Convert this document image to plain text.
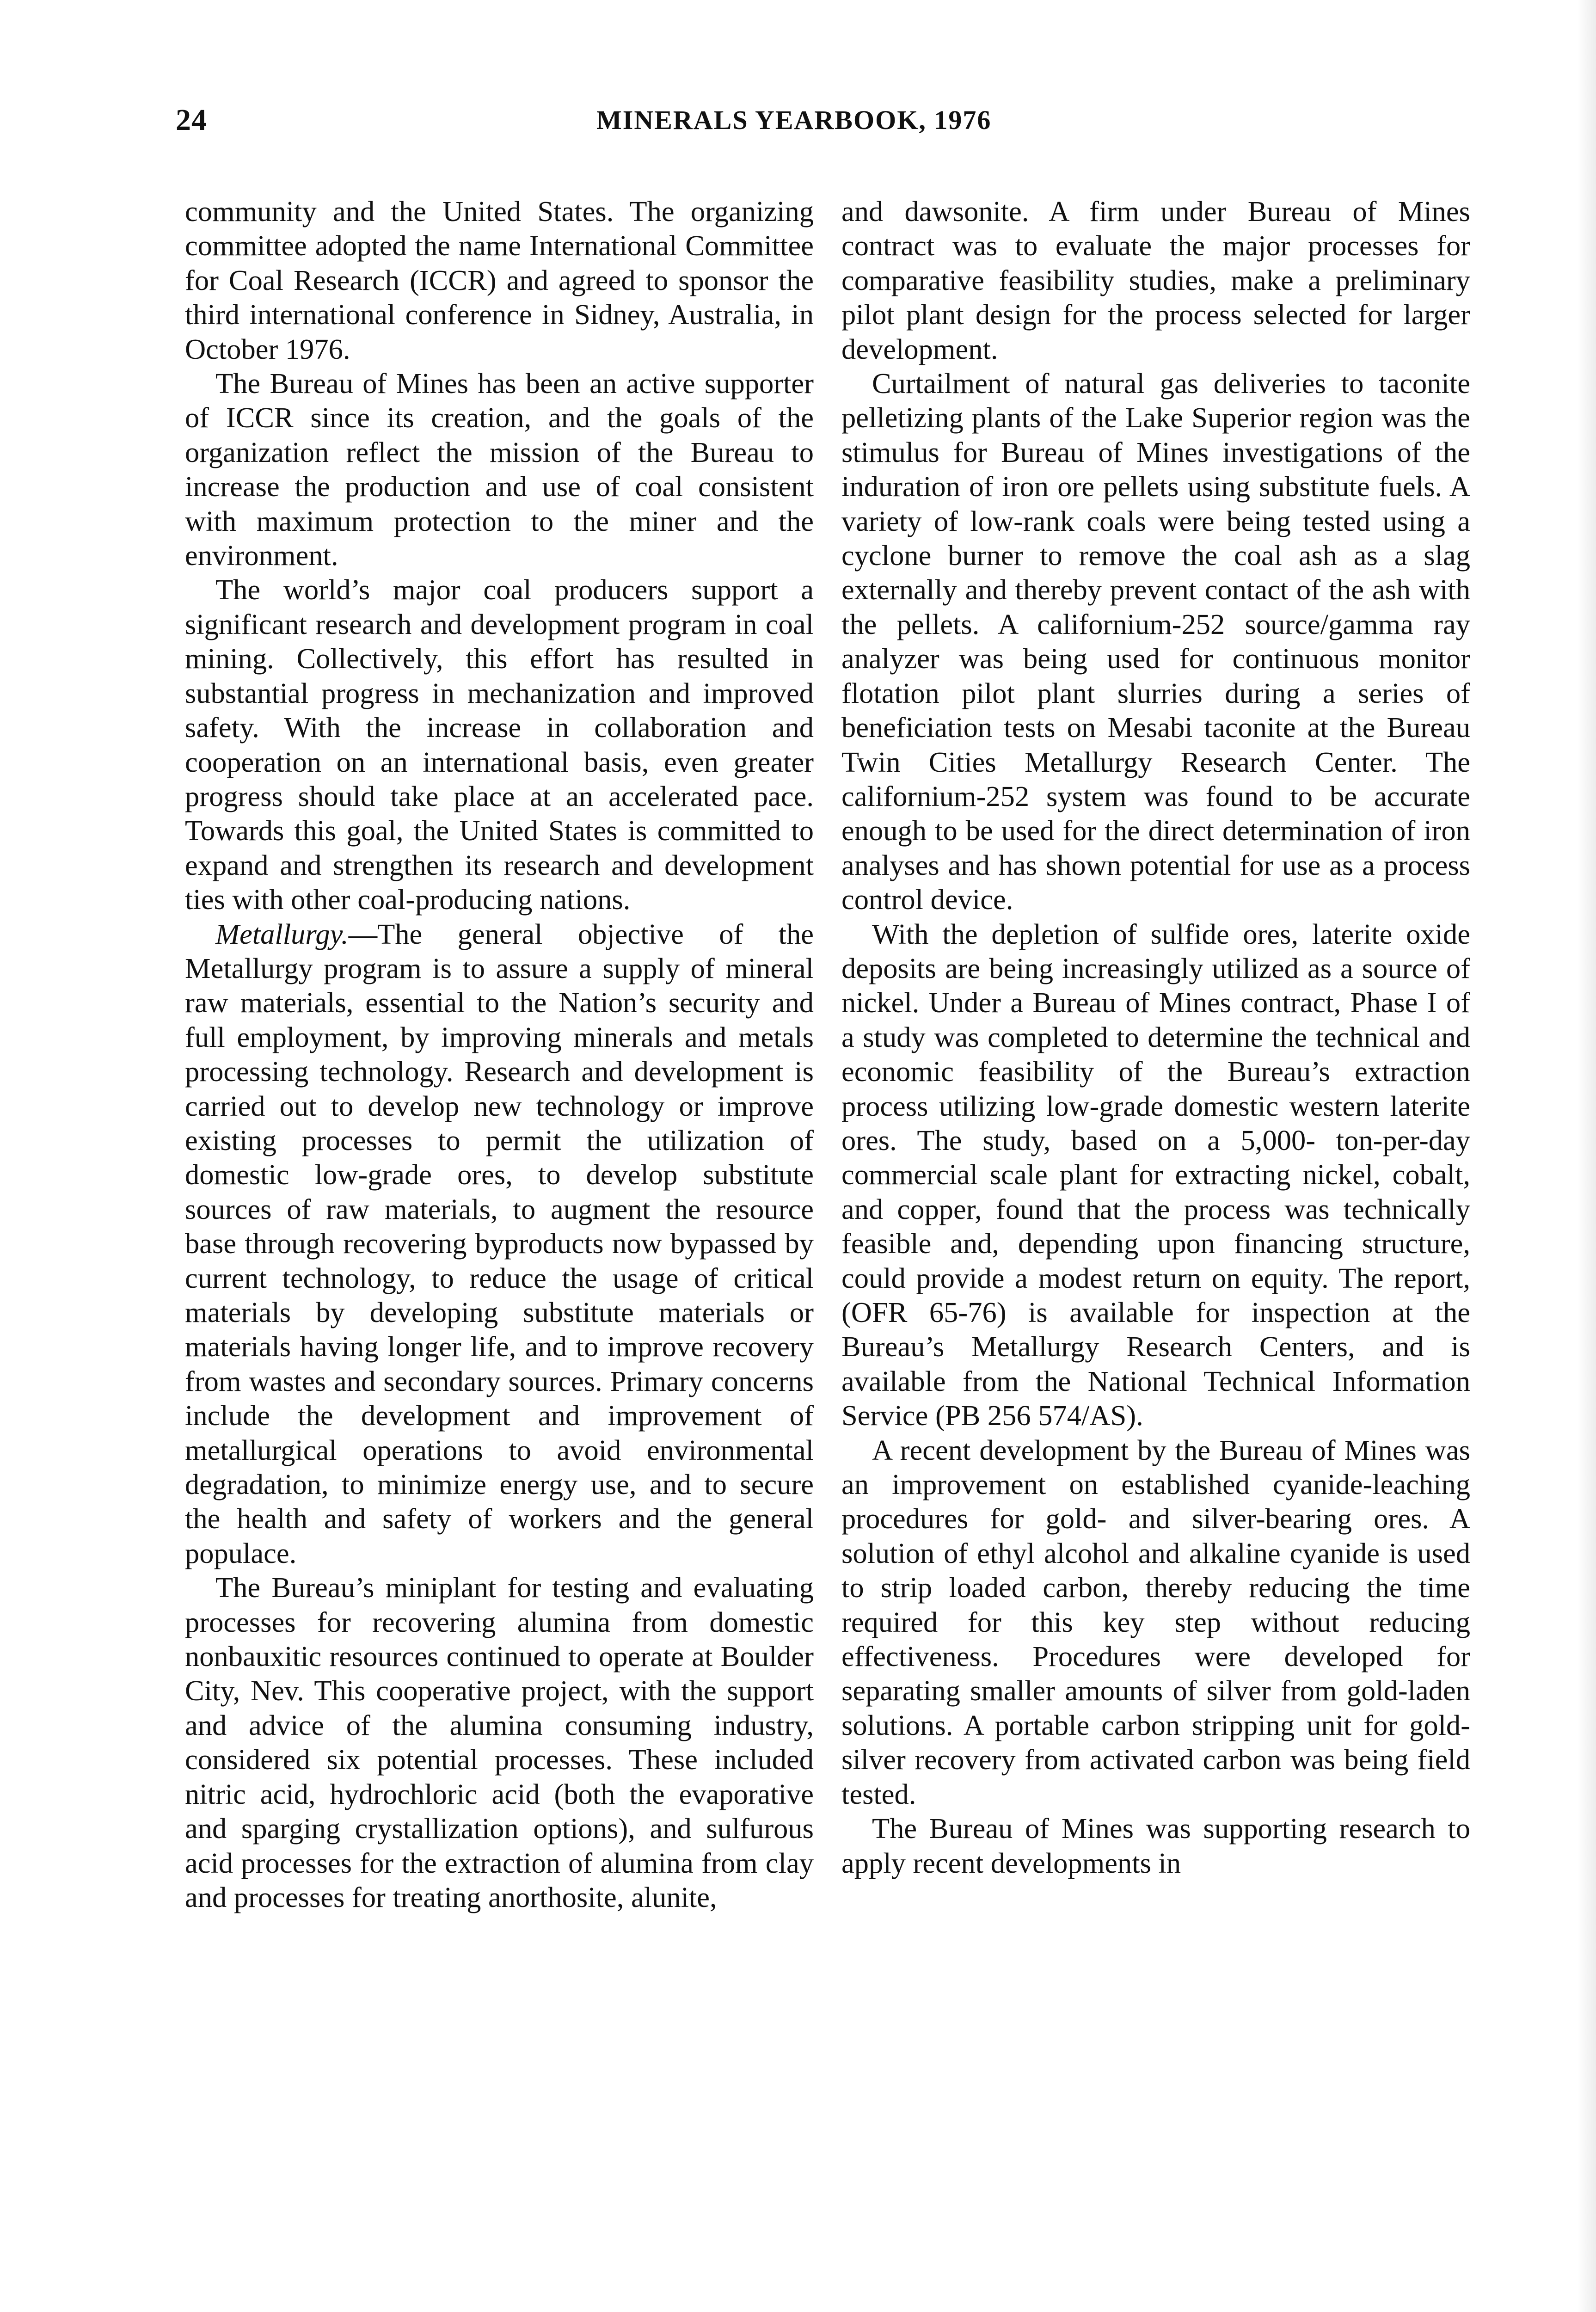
24	MINERALS YEARBOOK, 1976

community and the United States. The organizing committee adopted the name International Committee for Coal Research (ICCR) and agreed to sponsor the third international conference in Sidney, Australia, in October 1976.

The Bureau of Mines has been an active supporter of ICCR since its creation, and the goals of the organization reflect the mission of the Bureau to increase the production and use of coal consistent with maximum protection to the miner and the environment.

The world’s major coal producers support a significant research and development program in coal mining. Collectively, this effort has resulted in substantial progress in mechanization and improved safety. With the increase in collaboration and cooperation on an international basis, even greater progress should take place at an accelerated pace. Towards this goal, the United States is committed to expand and strengthen its research and development ties with other coal-producing nations.

Metallurgy.—The general objective of the Metallurgy program is to assure a supply of mineral raw materials, essential to the Nation’s security and full employment, by improving minerals and metals processing technology. Research and development is carried out to develop new technology or improve existing processes to permit the utilization of domestic low-grade ores, to develop substitute sources of raw materials, to augment the resource base through recovering byproducts now bypassed by current technology, to reduce the usage of critical materials by developing substitute materials or materials having longer life, and to improve recovery from wastes and secondary sources. Primary concerns include the development and improvement of metallurgical operations to avoid environmental degradation, to minimize energy use, and to secure the health and safety of workers and the general populace.

The Bureau’s miniplant for testing and evaluating processes for recovering alumina from domestic nonbauxitic resources continued to operate at Boulder City, Nev. This cooperative project, with the support and advice of the alumina consuming industry, considered six potential processes. These included nitric acid, hydrochloric acid (both the evaporative and sparging crystallization options), and sulfurous acid processes for the extraction of alumina from clay and processes for treating anorthosite, alunite,

and dawsonite. A firm under Bureau of Mines contract was to evaluate the major processes for comparative feasibility studies, make a preliminary pilot plant design for the process selected for larger development.

Curtailment of natural gas deliveries to taconite pelletizing plants of the Lake Superior region was the stimulus for Bureau of Mines investigations of the induration of iron ore pellets using substitute fuels. A variety of low-rank coals were being tested using a cyclone burner to remove the coal ash as a slag externally and thereby prevent contact of the ash with the pellets. A californium-252 source/gamma ray analyzer was being used for continuous monitor flotation pilot plant slurries during a series of beneficiation tests on Mesabi taconite at the Bureau Twin Cities Metallurgy Research Center. The californium-252 system was found to be accurate enough to be used for the direct determination of iron analyses and has shown potential for use as a process control device.

With the depletion of sulfide ores, laterite oxide deposits are being increasingly utilized as a source of nickel. Under a Bureau of Mines contract, Phase I of a study was completed to determine the technical and economic feasibility of the Bureau’s extraction process utilizing low-grade domestic western laterite ores. The study, based on a 5,000- ton-per-day commercial scale plant for extracting nickel, cobalt, and copper, found that the process was technically feasible and, depending upon financing structure, could provide a modest return on equity. The report, (OFR 65-76) is available for inspection at the Bureau’s Metallurgy Research Centers, and is available from the National Technical Information Service (PB 256 574/AS).

A recent development by the Bureau of Mines was an improvement on established cyanide-leaching procedures for gold- and silver-bearing ores. A solution of ethyl alcohol and alkaline cyanide is used to strip loaded carbon, thereby reducing the time required for this key step without reducing effectiveness. Procedures were developed for separating smaller amounts of silver from gold-laden solutions. A portable carbon stripping unit for gold-silver recovery from activated carbon was being field tested.

The Bureau of Mines was supporting research to apply recent developments in
